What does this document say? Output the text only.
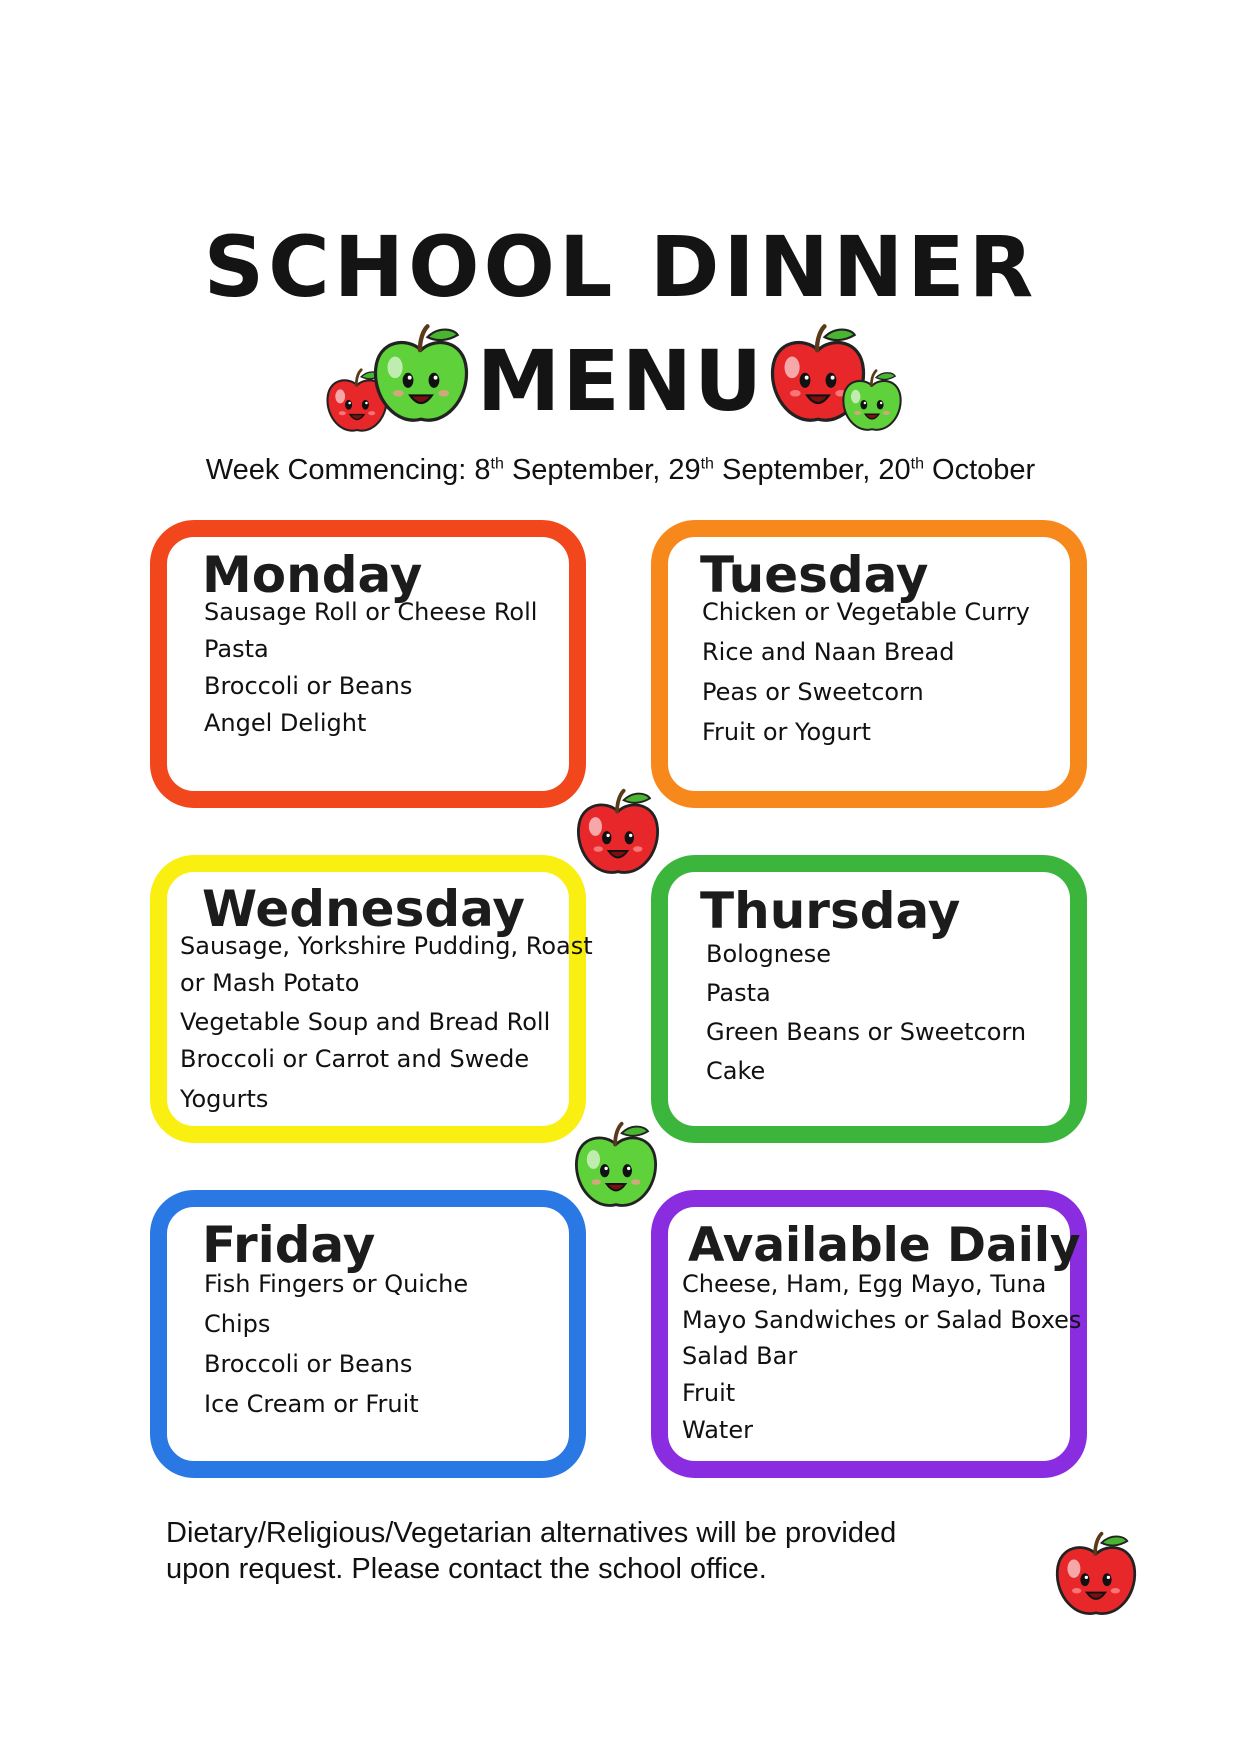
SCHOOL DINNER
MENU
Week Commencing: 8th September, 29th September, 20th October
Monday
Sausage Roll or Cheese Roll
Pasta
Broccoli or Beans
Angel Delight
Tuesday
Chicken or Vegetable Curry
Rice and Naan Bread
Peas or Sweetcorn
Fruit or Yogurt
Wednesday
Sausage, Yorkshire Pudding, Roast
or Mash Potato
Vegetable Soup and Bread Roll
Broccoli or Carrot and Swede
Yogurts
Thursday
Bolognese
Pasta
Green Beans or Sweetcorn
Cake
Friday
Fish Fingers or Quiche
Chips
Broccoli or Beans
Ice Cream or Fruit
Available Daily
Cheese, Ham, Egg Mayo, Tuna
Mayo Sandwiches or Salad Boxes
Salad Bar
Fruit
Water
Dietary/Religious/Vegetarian alternatives will be provided
upon request. Please contact the school office.
